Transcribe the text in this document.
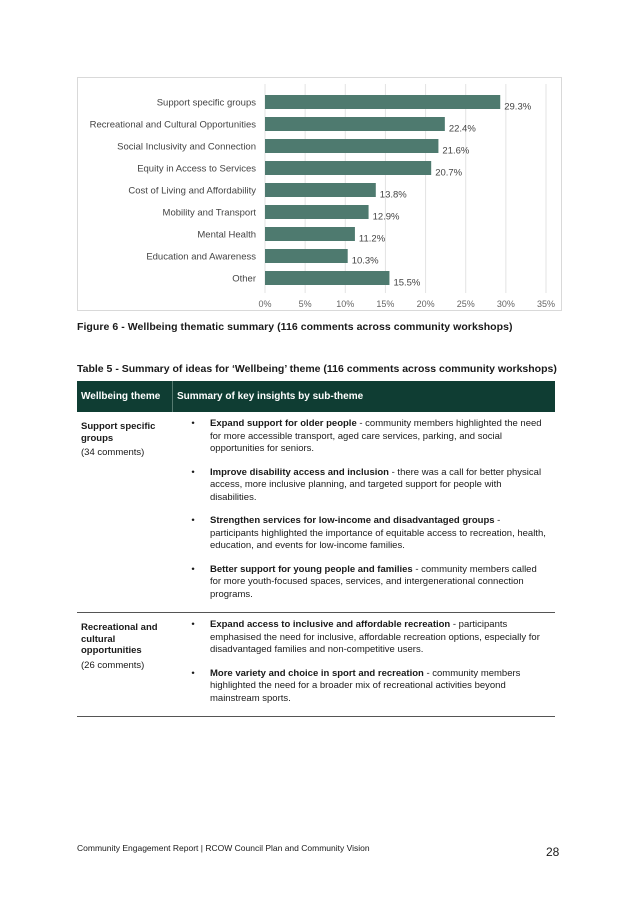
0%	5%	10% 15% 20% 25% 30% 35%
Support specific groups	29.3%
Recreational and Cultural Opportunities	22.4%
Social Inclusivity and Connection	21.6%
Equity in Access to Services	20.7%
Cost of Living and Affordability	13.8%
Mobility and Transport	12.9%
Mental Health	11.2%
Education and Awareness	10.3%
Other	15.5%
Figure 6 - Wellbeing thematic summary (116 comments across community workshops)
Table 5 - Summary of ideas for ‘Wellbeing’ theme (116 comments across community workshops)
Wellbeing theme	Summary of key insights by sub-theme
Support specific groups
(34 comments)
•	Expand support for older people - community members highlighted the need for more accessible transport, aged care services, parking, and social opportunities for seniors.
•	Improve disability access and inclusion - there was a call for better physical access, more inclusive planning, and targeted support for people with disabilities.
•	Strengthen services for low-income and disadvantaged groups - participants highlighted the importance of equitable access to recreation, health, education, and events for low-income families.
•	Better support for young people and families - community members called for more youth-focused spaces, services, and intergenerational connection programs.
Recreational and cultural opportunities
(26 comments)
•	Expand access to inclusive and affordable recreation - participants emphasised the need for inclusive, affordable recreation options, especially for disadvantaged families and non-competitive users.
•	More variety and choice in sport and recreation - community members highlighted the need for a broader mix of recreational activities beyond mainstream sports.
Community Engagement Report | RCOW Council Plan and Community Vision	28
